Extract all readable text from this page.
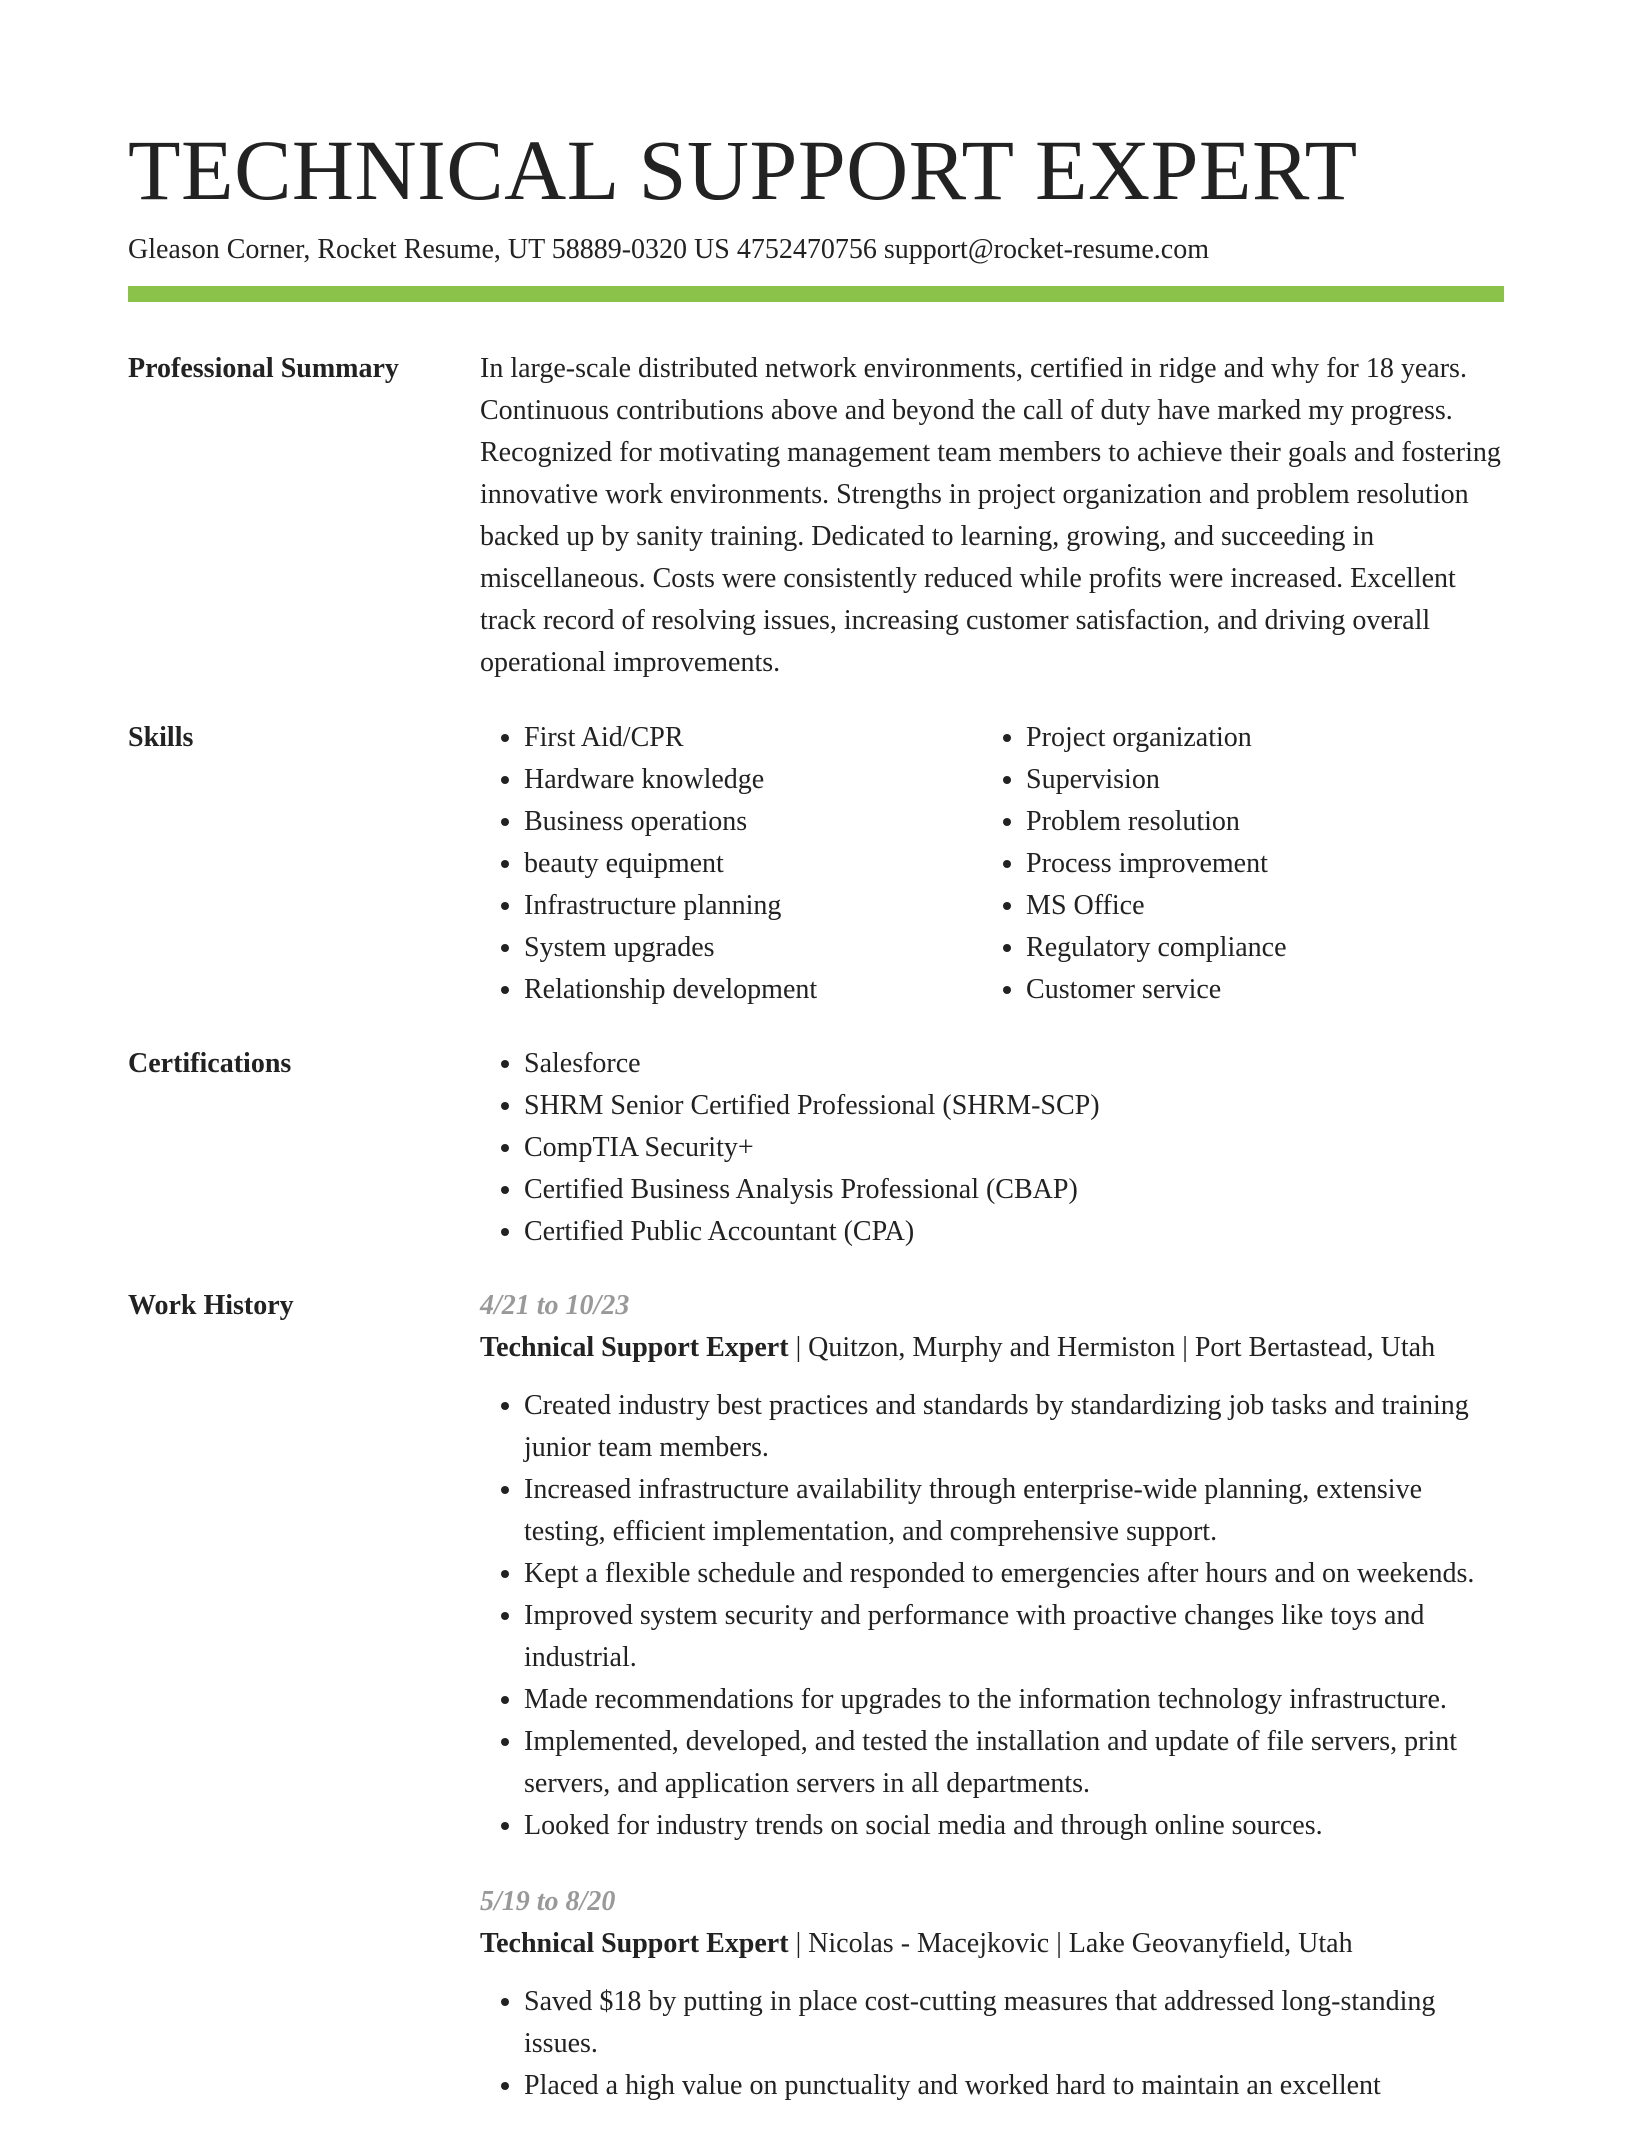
TECHNICAL SUPPORT EXPERT
Gleason Corner, Rocket Resume, UT 58889-0320 US 4752470756 support@rocket-resume.com
Professional Summary	In large-scale distributed network environments, certified in ridge and why for 18 years. Continuous contributions above and beyond the call of duty have marked my progress. Recognized for motivating management team members to achieve their goals and fostering innovative work environments. Strengths in project organization and problem resolution backed up by sanity training. Dedicated to learning, growing, and succeeding in miscellaneous. Costs were consistently reduced while profits were increased. Excellent track record of resolving issues, increasing customer satisfaction, and driving overall operational improvements.

Skills	• First Aid/CPR
• Hardware knowledge
• Business operations
• beauty equipment
• Infrastructure planning
• System upgrades
• Relationship development
• Project organization
• Supervision
• Problem resolution
• Process improvement
• MS Office
• Regulatory compliance
• Customer service
Certifications	• Salesforce
• SHRM Senior Certified Professional (SHRM-SCP)
• CompTIA Security+
• Certified Business Analysis Professional (CBAP)
• Certified Public Accountant (CPA)
Work History	4/21 to 10/23
Technical Support Expert | Quitzon, Murphy and Hermiston | Port Bertastead, Utah
• Created industry best practices and standards by standardizing job tasks and training junior team members.
• Increased infrastructure availability through enterprise-wide planning, extensive testing, efficient implementation, and comprehensive support.
• Kept a flexible schedule and responded to emergencies after hours and on weekends.
• Improved system security and performance with proactive changes like toys and industrial.
• Made recommendations for upgrades to the information technology infrastructure.
• Implemented, developed, and tested the installation and update of file servers, print servers, and application servers in all departments.
• Looked for industry trends on social media and through online sources.
5/19 to 8/20
Technical Support Expert | Nicolas - Macejkovic | Lake Geovanyfield, Utah
• Saved $18 by putting in place cost-cutting measures that addressed long-standing issues.
• Placed a high value on punctuality and worked hard to maintain an excellent
